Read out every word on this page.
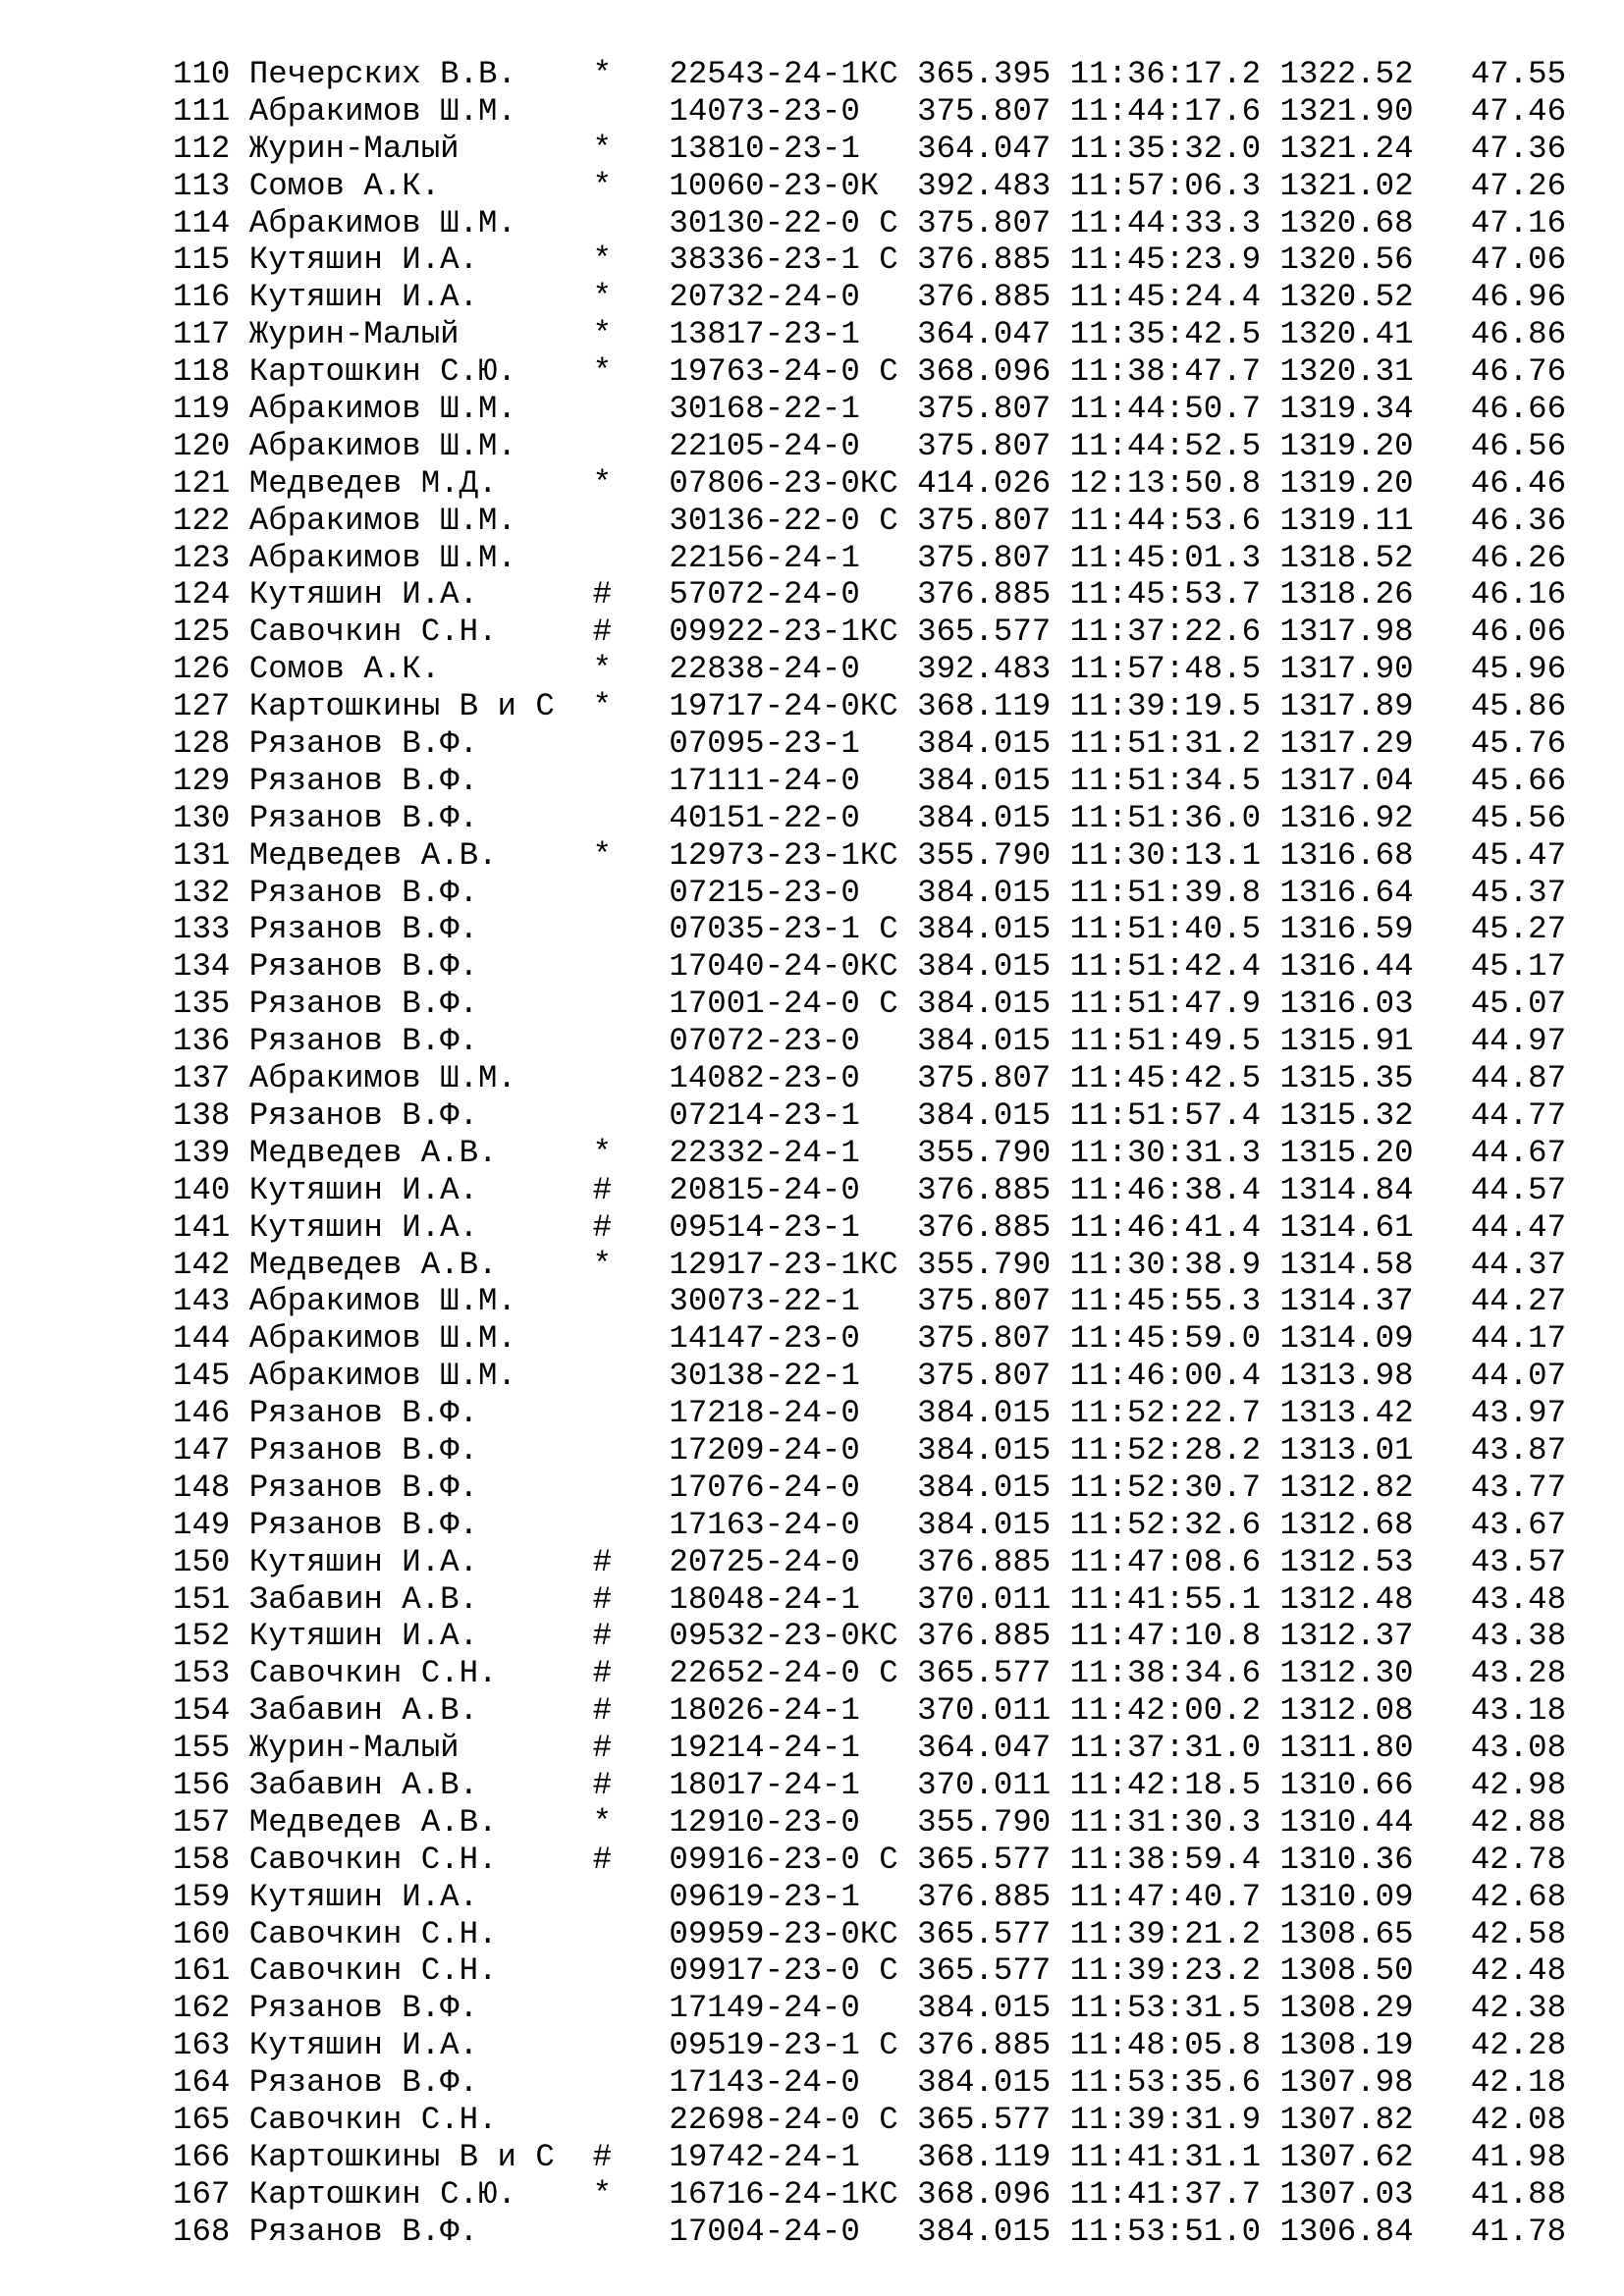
110 Печерских В.В.    *   22543-24-1КС 365.395 11:36:17.2 1322.52   47.55
111 Абракимов Ш.М.        14073-23-0   375.807 11:44:17.6 1321.90   47.46
112 Журин-Малый       *   13810-23-1   364.047 11:35:32.0 1321.24   47.36
113 Сомов А.К.        *   10060-23-0К  392.483 11:57:06.3 1321.02   47.26
114 Абракимов Ш.М.        30130-22-0 С 375.807 11:44:33.3 1320.68   47.16
115 Кутяшин И.А.      *   38336-23-1 С 376.885 11:45:23.9 1320.56   47.06
116 Кутяшин И.А.      *   20732-24-0   376.885 11:45:24.4 1320.52   46.96
117 Журин-Малый       *   13817-23-1   364.047 11:35:42.5 1320.41   46.86
118 Картошкин С.Ю.    *   19763-24-0 С 368.096 11:38:47.7 1320.31   46.76
119 Абракимов Ш.М.        30168-22-1   375.807 11:44:50.7 1319.34   46.66
120 Абракимов Ш.М.        22105-24-0   375.807 11:44:52.5 1319.20   46.56
121 Медведев М.Д.     *   07806-23-0КС 414.026 12:13:50.8 1319.20   46.46
122 Абракимов Ш.М.        30136-22-0 С 375.807 11:44:53.6 1319.11   46.36
123 Абракимов Ш.М.        22156-24-1   375.807 11:45:01.3 1318.52   46.26
124 Кутяшин И.А.      #   57072-24-0   376.885 11:45:53.7 1318.26   46.16
125 Савочкин С.Н.     #   09922-23-1КС 365.577 11:37:22.6 1317.98   46.06
126 Сомов А.К.        *   22838-24-0   392.483 11:57:48.5 1317.90   45.96
127 Картошкины В и С  *   19717-24-0КС 368.119 11:39:19.5 1317.89   45.86
128 Рязанов В.Ф.          07095-23-1   384.015 11:51:31.2 1317.29   45.76
129 Рязанов В.Ф.          17111-24-0   384.015 11:51:34.5 1317.04   45.66
130 Рязанов В.Ф.          40151-22-0   384.015 11:51:36.0 1316.92   45.56
131 Медведев А.В.     *   12973-23-1КС 355.790 11:30:13.1 1316.68   45.47
132 Рязанов В.Ф.          07215-23-0   384.015 11:51:39.8 1316.64   45.37
133 Рязанов В.Ф.          07035-23-1 С 384.015 11:51:40.5 1316.59   45.27
134 Рязанов В.Ф.          17040-24-0КС 384.015 11:51:42.4 1316.44   45.17
135 Рязанов В.Ф.          17001-24-0 С 384.015 11:51:47.9 1316.03   45.07
136 Рязанов В.Ф.          07072-23-0   384.015 11:51:49.5 1315.91   44.97
137 Абракимов Ш.М.        14082-23-0   375.807 11:45:42.5 1315.35   44.87
138 Рязанов В.Ф.          07214-23-1   384.015 11:51:57.4 1315.32   44.77
139 Медведев А.В.     *   22332-24-1   355.790 11:30:31.3 1315.20   44.67
140 Кутяшин И.А.      #   20815-24-0   376.885 11:46:38.4 1314.84   44.57
141 Кутяшин И.А.      #   09514-23-1   376.885 11:46:41.4 1314.61   44.47
142 Медведев А.В.     *   12917-23-1КС 355.790 11:30:38.9 1314.58   44.37
143 Абракимов Ш.М.        30073-22-1   375.807 11:45:55.3 1314.37   44.27
144 Абракимов Ш.М.        14147-23-0   375.807 11:45:59.0 1314.09   44.17
145 Абракимов Ш.М.        30138-22-1   375.807 11:46:00.4 1313.98   44.07
146 Рязанов В.Ф.          17218-24-0   384.015 11:52:22.7 1313.42   43.97
147 Рязанов В.Ф.          17209-24-0   384.015 11:52:28.2 1313.01   43.87
148 Рязанов В.Ф.          17076-24-0   384.015 11:52:30.7 1312.82   43.77
149 Рязанов В.Ф.          17163-24-0   384.015 11:52:32.6 1312.68   43.67
150 Кутяшин И.А.      #   20725-24-0   376.885 11:47:08.6 1312.53   43.57
151 Забавин А.В.      #   18048-24-1   370.011 11:41:55.1 1312.48   43.48
152 Кутяшин И.А.      #   09532-23-0КС 376.885 11:47:10.8 1312.37   43.38
153 Савочкин С.Н.     #   22652-24-0 С 365.577 11:38:34.6 1312.30   43.28
154 Забавин А.В.      #   18026-24-1   370.011 11:42:00.2 1312.08   43.18
155 Журин-Малый       #   19214-24-1   364.047 11:37:31.0 1311.80   43.08
156 Забавин А.В.      #   18017-24-1   370.011 11:42:18.5 1310.66   42.98
157 Медведев А.В.     *   12910-23-0   355.790 11:31:30.3 1310.44   42.88
158 Савочкин С.Н.     #   09916-23-0 С 365.577 11:38:59.4 1310.36   42.78
159 Кутяшин И.А.          09619-23-1   376.885 11:47:40.7 1310.09   42.68
160 Савочкин С.Н.         09959-23-0КС 365.577 11:39:21.2 1308.65   42.58
161 Савочкин С.Н.         09917-23-0 С 365.577 11:39:23.2 1308.50   42.48
162 Рязанов В.Ф.          17149-24-0   384.015 11:53:31.5 1308.29   42.38
163 Кутяшин И.А.          09519-23-1 С 376.885 11:48:05.8 1308.19   42.28
164 Рязанов В.Ф.          17143-24-0   384.015 11:53:35.6 1307.98   42.18
165 Савочкин С.Н.         22698-24-0 С 365.577 11:39:31.9 1307.82   42.08
166 Картошкины В и С  #   19742-24-1   368.119 11:41:31.1 1307.62   41.98
167 Картошкин С.Ю.    *   16716-24-1КС 368.096 11:41:37.7 1307.03   41.88
168 Рязанов В.Ф.          17004-24-0   384.015 11:53:51.0 1306.84   41.78
